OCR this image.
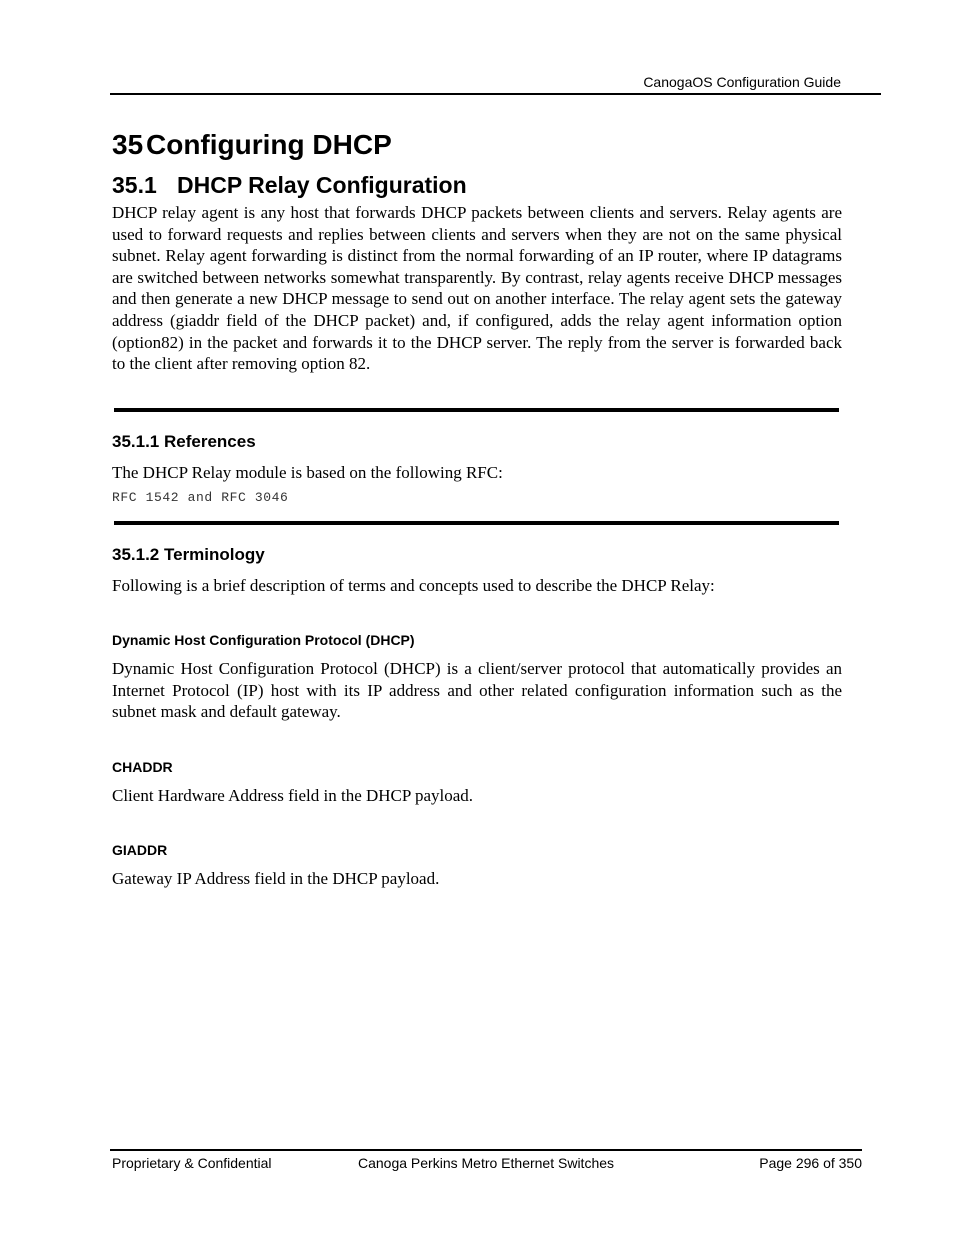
CanogaOS Configuration Guide
35 Configuring DHCP
35.1 DHCP Relay Configuration

DHCP relay agent is any host that forwards DHCP packets between clients and servers. Relay agents are used to forward requests and replies between clients and servers when they are not on the same physical subnet. Relay agent forwarding is distinct from the normal forwarding of an IP router, where IP datagrams are switched between networks somewhat transparently. By contrast, relay agents receive DHCP messages and then generate a new DHCP message to send out on another interface. The relay agent sets the gateway address (giaddr field of the DHCP packet) and, if configured, adds the relay agent information option (option82) in the packet and forwards it to the DHCP server. The reply from the server is forwarded back to the client after removing option 82.

35.1.1 References

The DHCP Relay module is based on the following RFC:

RFC 1542 and RFC 3046

35.1.2 Terminology

Following is a brief description of terms and concepts used to describe the DHCP Relay:

Dynamic Host Configuration Protocol (DHCP)

Dynamic Host Configuration Protocol (DHCP) is a client/server protocol that automatically provides an Internet Protocol (IP) host with its IP address and other related configuration information such as the subnet mask and default gateway.

CHADDR

Client Hardware Address field in the DHCP payload.

GIADDR

Gateway IP Address field in the DHCP payload.

Proprietary & Confidential	Canoga Perkins Metro Ethernet Switches	Page 296 of 350
